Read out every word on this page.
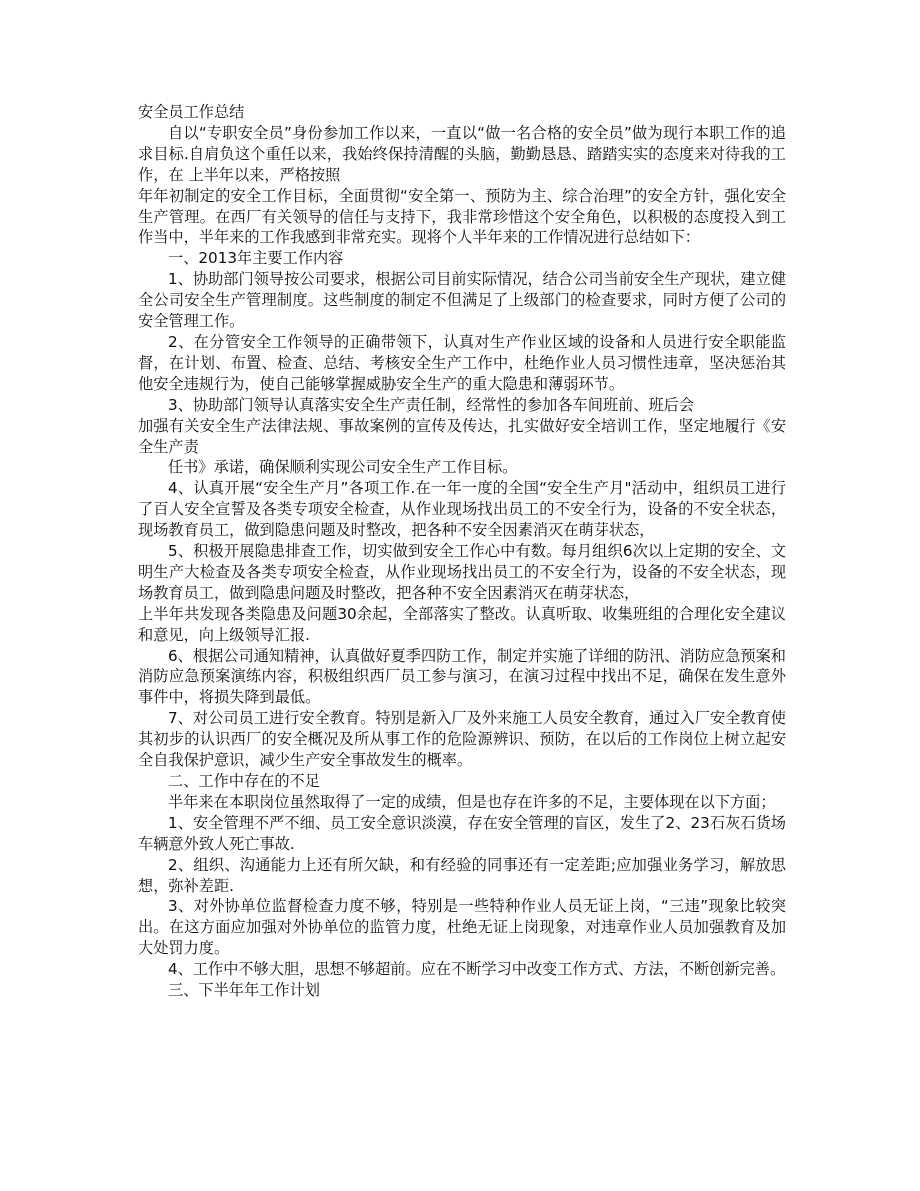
安全员工作总结

自以“专职安全员”身份参加工作以来，一直以“做一名合格的安全员”做为现行本职工作的追求目标.自肩负这个重任以来，我始终保持清醒的头脑，勤勤恳恳、踏踏实实的态度来对待我的工作，在 上半年以来，严格按照

年年初制定的安全工作目标，全面贯彻“安全第一、预防为主、综合治理”的安全方针，强化安全生产管理。在西厂有关领导的信任与支持下，我非常珍惜这个安全角色，以积极的态度投入到工作当中，半年来的工作我感到非常充实。现将个人半年来的工作情况进行总结如下：

一、2013年主要工作内容

1、协助部门领导按公司要求，根据公司目前实际情况，结合公司当前安全生产现状，建立健全公司安全生产管理制度。这些制度的制定不但满足了上级部门的检查要求，同时方便了公司的安全管理工作。

2、在分管安全工作领导的正确带领下，认真对生产作业区域的设备和人员进行安全职能监督，在计划、布置、检查、总结、考核安全生产工作中，杜绝作业人员习惯性违章，坚决惩治其他安全违规行为，使自己能够掌握威胁安全生产的重大隐患和薄弱环节。

3、协助部门领导认真落实安全生产责任制，经常性的参加各车间班前、班后会

加强有关安全生产法律法规、事故案例的宣传及传达，扎实做好安全培训工作，坚定地履行《安全生产责

任书》承诺，确保顺利实现公司安全生产工作目标。

4、认真开展“安全生产月”各项工作.在一年一度的全国“安全生产月"活动中，组织员工进行了百人安全宣誓及各类专项安全检查，从作业现场找出员工的不安全行为，设备的不安全状态，现场教育员工，做到隐患问题及时整改，把各种不安全因素消灭在萌芽状态，

5、积极开展隐患排查工作，切实做到安全工作心中有数。每月组织6次以上定期的安全、文明生产大检查及各类专项安全检查，从作业现场找出员工的不安全行为，设备的不安全状态，现场教育员工，做到隐患问题及时整改，把各种不安全因素消灭在萌芽状态，

上半年共发现各类隐患及问题30余起，全部落实了整改。认真听取、收集班组的合理化安全建议和意见，向上级领导汇报.

6、根据公司通知精神，认真做好夏季四防工作，制定并实施了详细的防汛、消防应急预案和消防应急预案演练内容，积极组织西厂员工参与演习，在演习过程中找出不足，确保在发生意外事件中，将损失降到最低。

7、对公司员工进行安全教育。特别是新入厂及外来施工人员安全教育，通过入厂安全教育使其初步的认识西厂的安全概况及所从事工作的危险源辨识、预防，在以后的工作岗位上树立起安全自我保护意识，减少生产安全事故发生的概率。

二、工作中存在的不足

半年来在本职岗位虽然取得了一定的成绩，但是也存在许多的不足，主要体现在以下方面；

1、安全管理不严不细、员工安全意识淡漠，存在安全管理的盲区，发生了2、23石灰石货场车辆意外致人死亡事故.

2、组织、沟通能力上还有所欠缺，和有经验的同事还有一定差距;应加强业务学习，解放思想，弥补差距.

3、对外协单位监督检查力度不够，特别是一些特种作业人员无证上岗，“三违”现象比较突出。在这方面应加强对外协单位的监管力度，杜绝无证上岗现象，对违章作业人员加强教育及加大处罚力度。

4、工作中不够大胆，思想不够超前。应在不断学习中改变工作方式、方法，不断创新完善。

三、下半年年工作计划
